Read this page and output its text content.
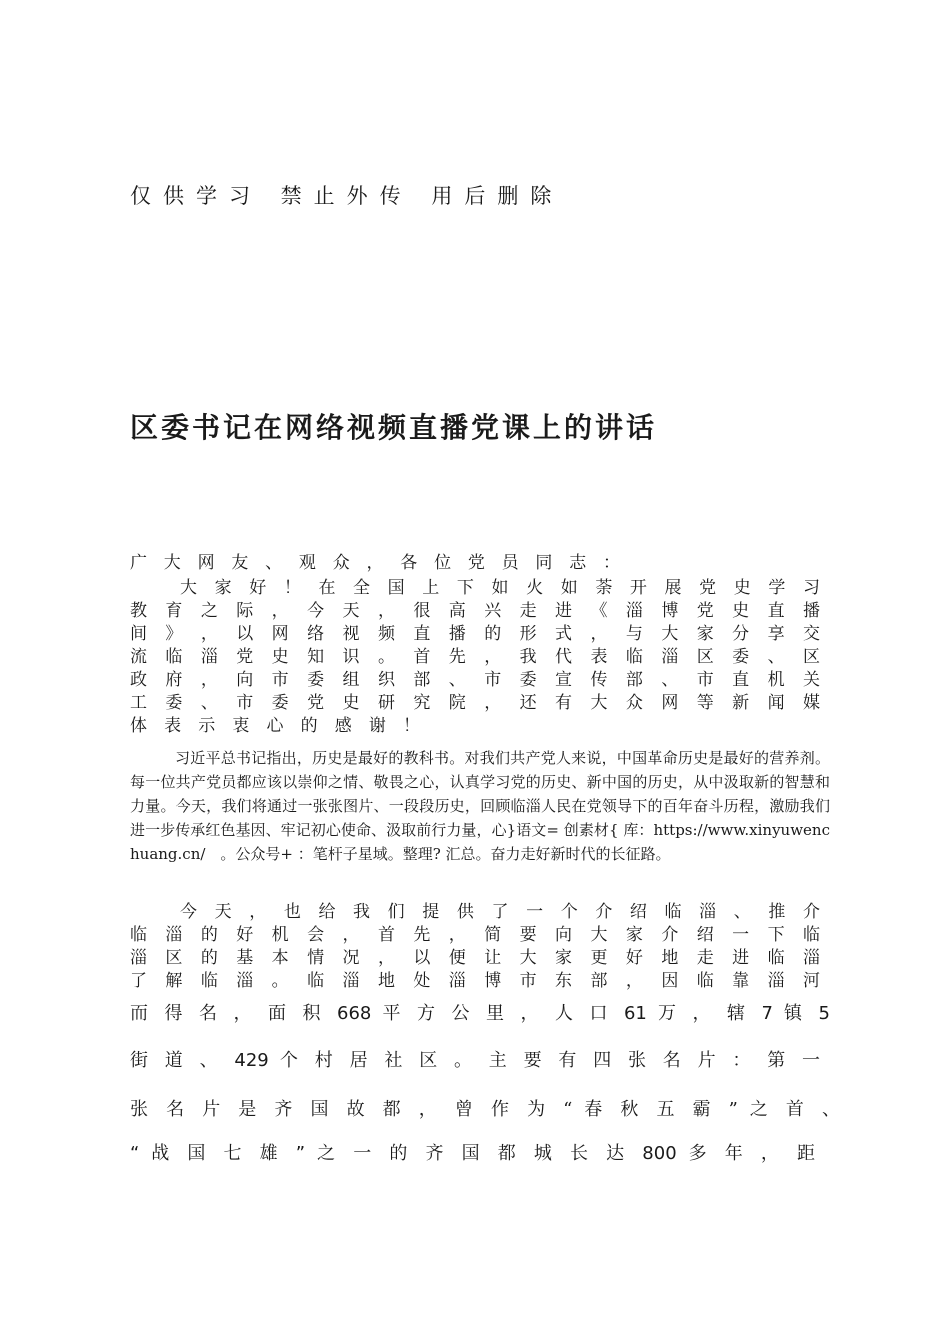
仅供学习 禁止外传 用后删除
区委书记在网络视频直播党课上的讲话
广 大 网 友 、 观 众 ， 各 位 党 员 同 志 ：
大 家 好 ！ 在 全 国 上 下 如 火 如 荼 开 展 党 史 学 习
教 育 之 际 ， 今 天 ， 很 高 兴 走 进 《 淄 博 党 史 直 播
间 》 ， 以 网 络 视 频 直 播 的 形 式 ， 与 大 家 分 享 交
流 临 淄 党 史 知 识 。 首 先 ， 我 代 表 临 淄 区 委 、 区
政 府 ， 向 市 委 组 织 部 、 市 委 宣 传 部 、 市 直 机 关
工 委 、 市 委 党 史 研 究 院 ， 还 有 大 众 网 等 新 闻 媒
体 表 示 衷 心 的 感 谢 ！
习近平总书记指出，历史是最好的教科书。对我们共产党人来说，中国革命历史是最好的营养剂。每一位共产党员都应该以崇仰之情、敬畏之心，认真学习党的历史、新中国的历史，从中汲取新的智慧和力量。今天，我们将通过一张张图片、一段段历史，回顾临淄人民在党领导下的百年奋斗历程，激励我们进一步传承红色基因、牢记初心使命、汲取前行力量，心}语文= 创素材{ 库：https://www.xinyuwenchuang.cn/　。公众号+ ：笔杆子星域。整理? 汇总。奋力走好新时代的长征路。
今 天 ， 也 给 我 们 提 供 了 一 个 介 绍 临 淄 、 推 介
临 淄 的 好 机 会 ， 首 先 ， 简 要 向 大 家 介 绍 一 下 临
淄 区 的 基 本 情 况 ， 以 便 让 大 家 更 好 地 走 进 临 淄
了 解 临 淄 。 临 淄 地 处 淄 博 市 东 部 ， 因 临 靠 淄 河
而 得 名 ， 面 积 668 平 方 公 里 ， 人 口 61 万 ， 辖 7 镇 5
街 道 、 429 个 村 居 社 区 。 主 要 有 四 张 名 片 ： 第 一
张 名 片 是 齐 国 故 都 ， 曾 作 为 “ 春 秋 五 霸 ” 之 首 、
“ 战 国 七 雄 ” 之 一 的 齐 国 都 城 长 达 800 多 年 ， 距
